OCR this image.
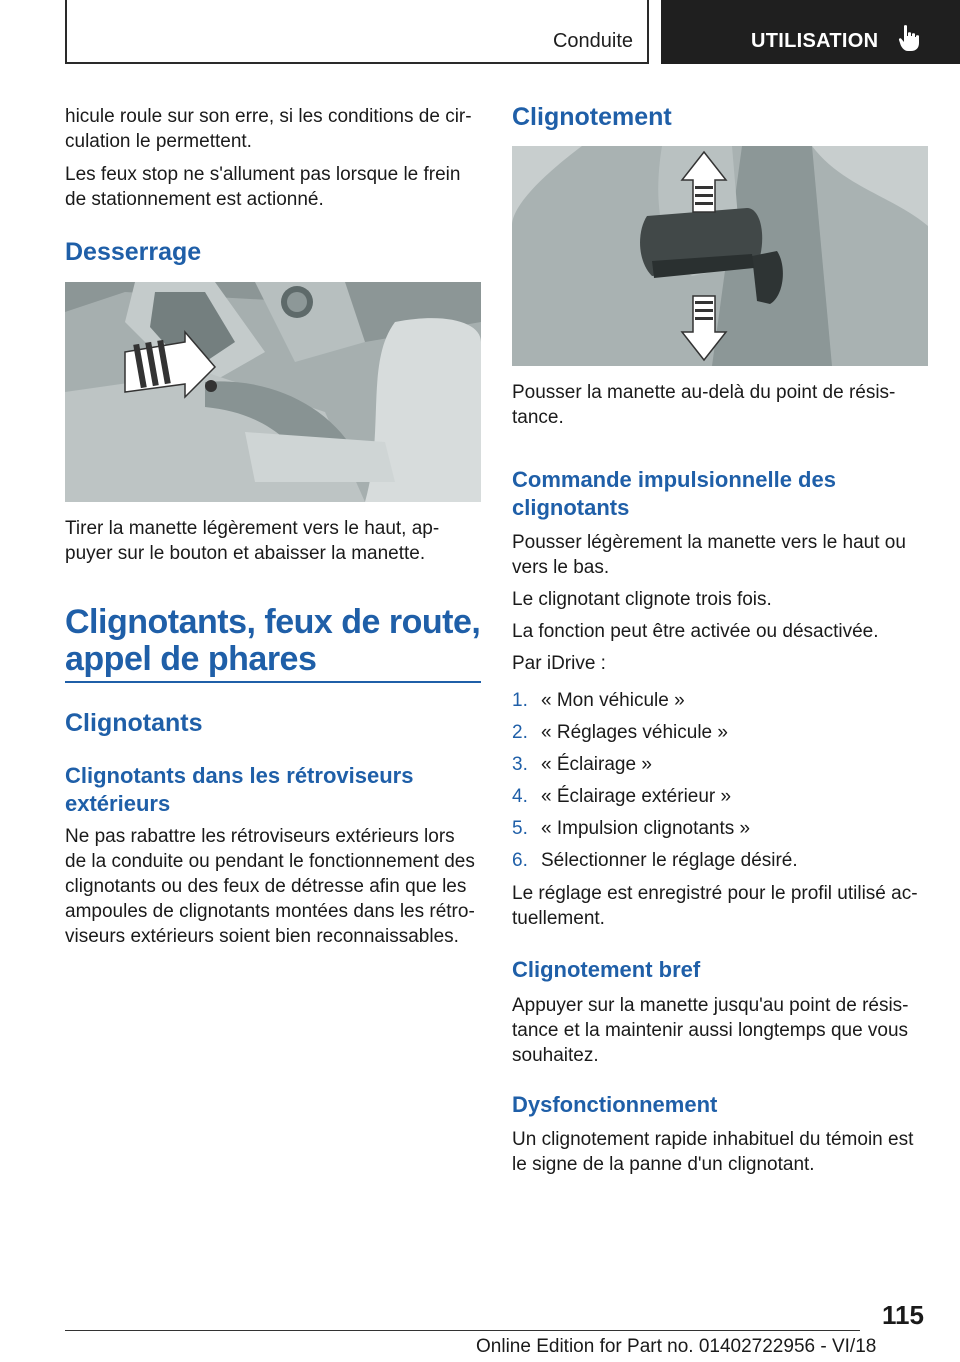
Conduite	UTILISATION

hicule roule sur son erre, si les conditions de cir-culation le permettent.

Les feux stop ne s'allument pas lorsque le frein de stationnement est actionné.

Desserrage

Tirer la manette légèrement vers le haut, ap-puyer sur le bouton et abaisser la manette.

Clignotants, feux de route, appel de phares
Clignotants
Clignotants dans les rétroviseurs extérieurs

Ne pas rabattre les rétroviseurs extérieurs lors de la conduite ou pendant le fonctionnement des clignotants ou des feux de détresse afin que les ampoules de clignotants montées dans les rétro-viseurs extérieurs soient bien reconnaissables.

Clignotement

Pousser la manette au-delà du point de résis-tance.

Commande impulsionnelle des clignotants

Pousser légèrement la manette vers le haut ou vers le bas.

Le clignotant clignote trois fois.

La fonction peut être activée ou désactivée.

Par iDrive :

1. « Mon véhicule »
2. « Réglages véhicule »
3. « Éclairage »
4. « Éclairage extérieur »
5. « Impulsion clignotants »
6. Sélectionner le réglage désiré.

Le réglage est enregistré pour le profil utilisé ac-tuellement.

Clignotement bref

Appuyer sur la manette jusqu'au point de résis-tance et la maintenir aussi longtemps que vous souhaitez.

Dysfonctionnement

Un clignotement rapide inhabituel du témoin est le signe de la panne d'un clignotant.

115
Online Edition for Part no. 01402722956 - VI/18
